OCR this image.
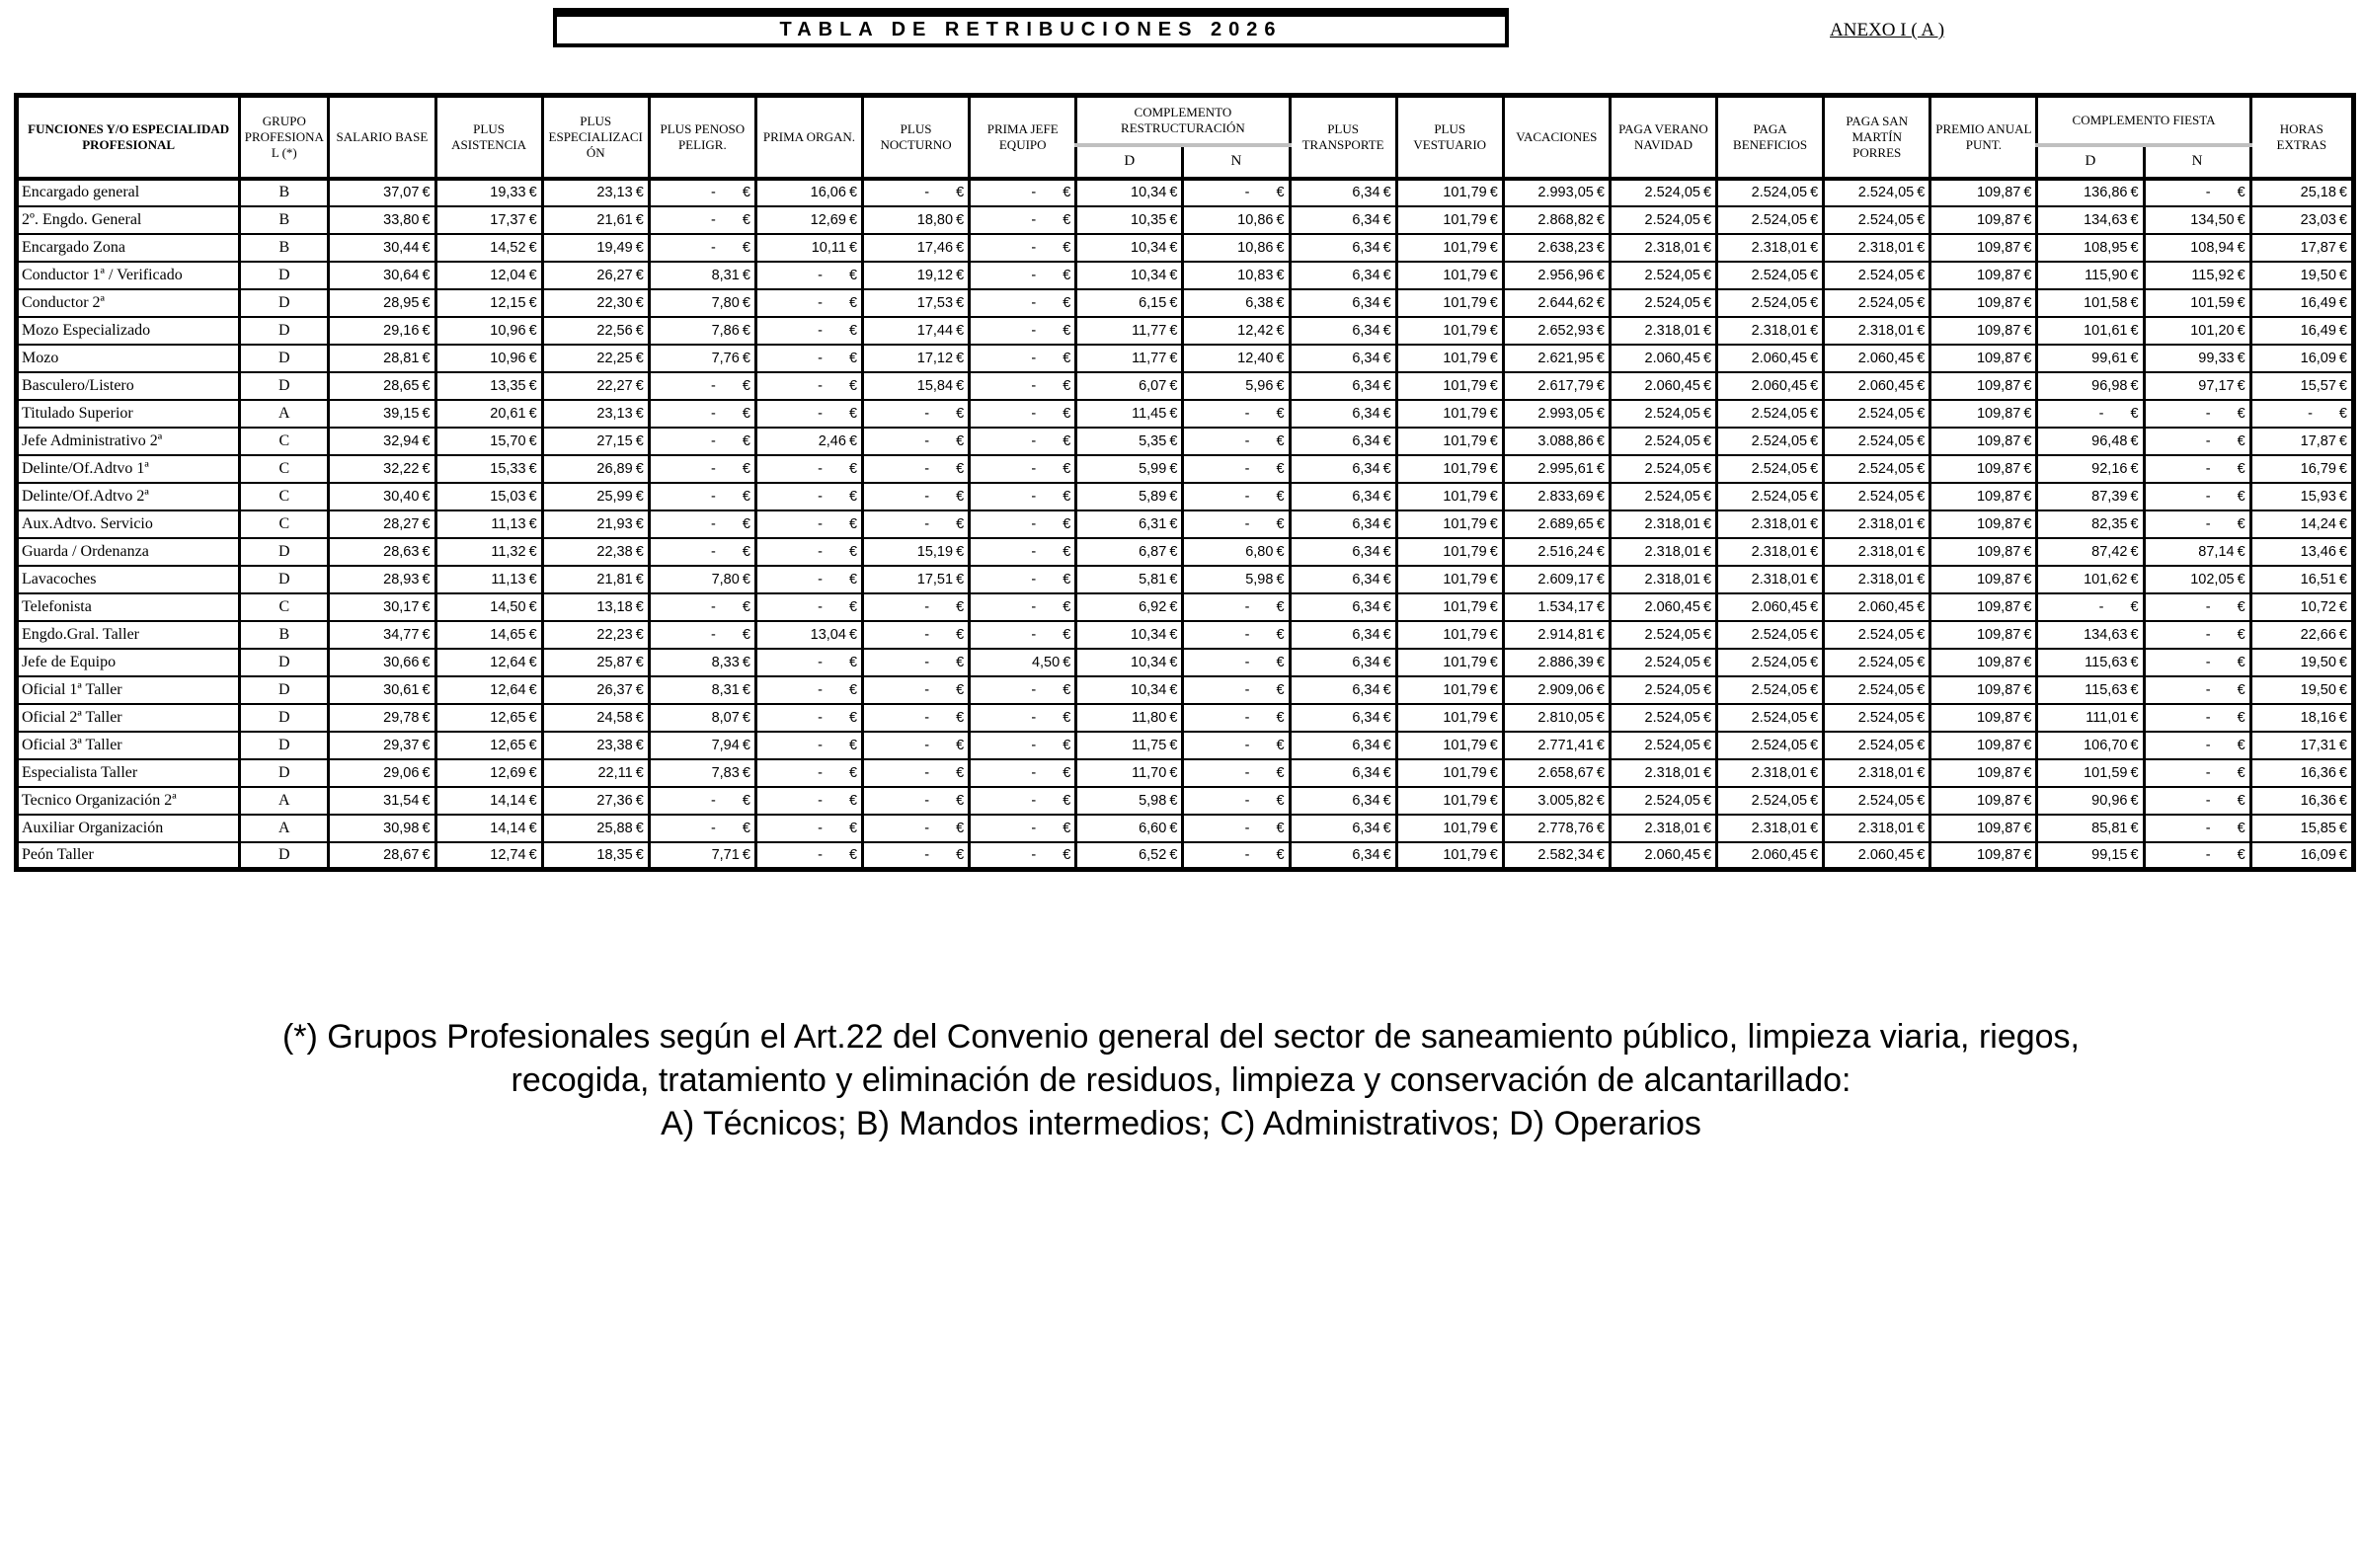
TABLA DE RETRIBUCIONES 2026	ANEXO I ( A )
FUNCIONES Y/O ESPECIALIDAD PROFESIONAL	GRUPO PROFESIONAL (*)	SALARIO BASE	PLUS ASISTENCIA	PLUS ESPECIALIZACIÓN	PLUS PENOSO PELIGR.	PRIMA ORGAN.	PLUS NOCTURNO	PRIMA JEFE EQUIPO	COMPLEMENTO RESTRUCTURACIÓN		PLUS TRANSPORTE	PLUS VESTUARIO	VACACIONES	PAGA VERANO NAVIDAD	PAGA BENEFICIOS	PAGA SAN MARTÍN PORRES	PREMIO ANUAL PUNT.	COMPLEMENTO FIESTA		HORAS EXTRAS
									D	N								D	N	
Encargado general	B	37,07 €	19,33 €	23,13 €	- €	16,06 €	- €	- €	10,34 €	- €	6,34 €	101,79 €	2.993,05 €	2.524,05 €	2.524,05 €	2.524,05 €	109,87 €	136,86 €	- €	25,18 €
2º. Engdo. General	B	33,80 €	17,37 €	21,61 €	- €	12,69 €	18,80 €	- €	10,35 €	10,86 €	6,34 €	101,79 €	2.868,82 €	2.524,05 €	2.524,05 €	2.524,05 €	109,87 €	134,63 €	134,50 €	23,03 €
Encargado Zona	B	30,44 €	14,52 €	19,49 €	- €	10,11 €	17,46 €	- €	10,34 €	10,86 €	6,34 €	101,79 €	2.638,23 €	2.318,01 €	2.318,01 €	2.318,01 €	109,87 €	108,95 €	108,94 €	17,87 €
Conductor 1ª / Verificado	D	30,64 €	12,04 €	26,27 €	8,31 €	- €	19,12 €	- €	10,34 €	10,83 €	6,34 €	101,79 €	2.956,96 €	2.524,05 €	2.524,05 €	2.524,05 €	109,87 €	115,90 €	115,92 €	19,50 €
Conductor 2ª	D	28,95 €	12,15 €	22,30 €	7,80 €	- €	17,53 €	- €	6,15 €	6,38 €	6,34 €	101,79 €	2.644,62 €	2.524,05 €	2.524,05 €	2.524,05 €	109,87 €	101,58 €	101,59 €	16,49 €
Mozo Especializado	D	29,16 €	10,96 €	22,56 €	7,86 €	- €	17,44 €	- €	11,77 €	12,42 €	6,34 €	101,79 €	2.652,93 €	2.318,01 €	2.318,01 €	2.318,01 €	109,87 €	101,61 €	101,20 €	16,49 €
Mozo	D	28,81 €	10,96 €	22,25 €	7,76 €	- €	17,12 €	- €	11,77 €	12,40 €	6,34 €	101,79 €	2.621,95 €	2.060,45 €	2.060,45 €	2.060,45 €	109,87 €	99,61 €	99,33 €	16,09 €
Basculero/Listero	D	28,65 €	13,35 €	22,27 €	- €	- €	15,84 €	- €	6,07 €	5,96 €	6,34 €	101,79 €	2.617,79 €	2.060,45 €	2.060,45 €	2.060,45 €	109,87 €	96,98 €	97,17 €	15,57 €
Titulado Superior	A	39,15 €	20,61 €	23,13 €	- €	- €	- €	- €	11,45 €	- €	6,34 €	101,79 €	2.993,05 €	2.524,05 €	2.524,05 €	2.524,05 €	109,87 €	- €	- €	- €
Jefe Administrativo 2ª	C	32,94 €	15,70 €	27,15 €	- €	2,46 €	- €	- €	5,35 €	- €	6,34 €	101,79 €	3.088,86 €	2.524,05 €	2.524,05 €	2.524,05 €	109,87 €	96,48 €	- €	17,87 €
Delinte/Of.Adtvo 1ª	C	32,22 €	15,33 €	26,89 €	- €	- €	- €	- €	5,99 €	- €	6,34 €	101,79 €	2.995,61 €	2.524,05 €	2.524,05 €	2.524,05 €	109,87 €	92,16 €	- €	16,79 €
Delinte/Of.Adtvo 2ª	C	30,40 €	15,03 €	25,99 €	- €	- €	- €	- €	5,89 €	- €	6,34 €	101,79 €	2.833,69 €	2.524,05 €	2.524,05 €	2.524,05 €	109,87 €	87,39 €	- €	15,93 €
Aux.Adtvo. Servicio	C	28,27 €	11,13 €	21,93 €	- €	- €	- €	- €	6,31 €	- €	6,34 €	101,79 €	2.689,65 €	2.318,01 €	2.318,01 €	2.318,01 €	109,87 €	82,35 €	- €	14,24 €
Guarda / Ordenanza	D	28,63 €	11,32 €	22,38 €	- €	- €	15,19 €	- €	6,87 €	6,80 €	6,34 €	101,79 €	2.516,24 €	2.318,01 €	2.318,01 €	2.318,01 €	109,87 €	87,42 €	87,14 €	13,46 €
Lavacoches	D	28,93 €	11,13 €	21,81 €	7,80 €	- €	17,51 €	- €	5,81 €	5,98 €	6,34 €	101,79 €	2.609,17 €	2.318,01 €	2.318,01 €	2.318,01 €	109,87 €	101,62 €	102,05 €	16,51 €
Telefonista	C	30,17 €	14,50 €	13,18 €	- €	- €	- €	- €	6,92 €	- €	6,34 €	101,79 €	1.534,17 €	2.060,45 €	2.060,45 €	2.060,45 €	109,87 €	- €	- €	10,72 €
Engdo.Gral. Taller	B	34,77 €	14,65 €	22,23 €	- €	13,04 €	- €	- €	10,34 €	- €	6,34 €	101,79 €	2.914,81 €	2.524,05 €	2.524,05 €	2.524,05 €	109,87 €	134,63 €	- €	22,66 €
Jefe de Equipo	D	30,66 €	12,64 €	25,87 €	8,33 €	- €	- €	4,50 €	10,34 €	- €	6,34 €	101,79 €	2.886,39 €	2.524,05 €	2.524,05 €	2.524,05 €	109,87 €	115,63 €	- €	19,50 €
Oficial 1ª Taller	D	30,61 €	12,64 €	26,37 €	8,31 €	- €	- €	- €	10,34 €	- €	6,34 €	101,79 €	2.909,06 €	2.524,05 €	2.524,05 €	2.524,05 €	109,87 €	115,63 €	- €	19,50 €
Oficial 2ª Taller	D	29,78 €	12,65 €	24,58 €	8,07 €	- €	- €	- €	11,80 €	- €	6,34 €	101,79 €	2.810,05 €	2.524,05 €	2.524,05 €	2.524,05 €	109,87 €	111,01 €	- €	18,16 €
Oficial 3ª Taller	D	29,37 €	12,65 €	23,38 €	7,94 €	- €	- €	- €	11,75 €	- €	6,34 €	101,79 €	2.771,41 €	2.524,05 €	2.524,05 €	2.524,05 €	109,87 €	106,70 €	- €	17,31 €
Especialista Taller	D	29,06 €	12,69 €	22,11 €	7,83 €	- €	- €	- €	11,70 €	- €	6,34 €	101,79 €	2.658,67 €	2.318,01 €	2.318,01 €	2.318,01 €	109,87 €	101,59 €	- €	16,36 €
Tecnico Organización 2ª	A	31,54 €	14,14 €	27,36 €	- €	- €	- €	- €	5,98 €	- €	6,34 €	101,79 €	3.005,82 €	2.524,05 €	2.524,05 €	2.524,05 €	109,87 €	90,96 €	- €	16,36 €
Auxiliar Organización	A	30,98 €	14,14 €	25,88 €	- €	- €	- €	- €	6,60 €	- €	6,34 €	101,79 €	2.778,76 €	2.318,01 €	2.318,01 €	2.318,01 €	109,87 €	85,81 €	- €	15,85 €
Peón Taller	D	28,67 €	12,74 €	18,35 €	7,71 €	- €	- €	- €	6,52 €	- €	6,34 €	101,79 €	2.582,34 €	2.060,45 €	2.060,45 €	2.060,45 €	109,87 €	99,15 €	- €	16,09 €
(*) Grupos Profesionales según el Art.22 del Convenio general del sector de saneamiento público, limpieza viaria, riegos,
recogida, tratamiento y eliminación de residuos, limpieza y conservación de alcantarillado:
A) Técnicos; B) Mandos intermedios; C) Administrativos; D) Operarios
